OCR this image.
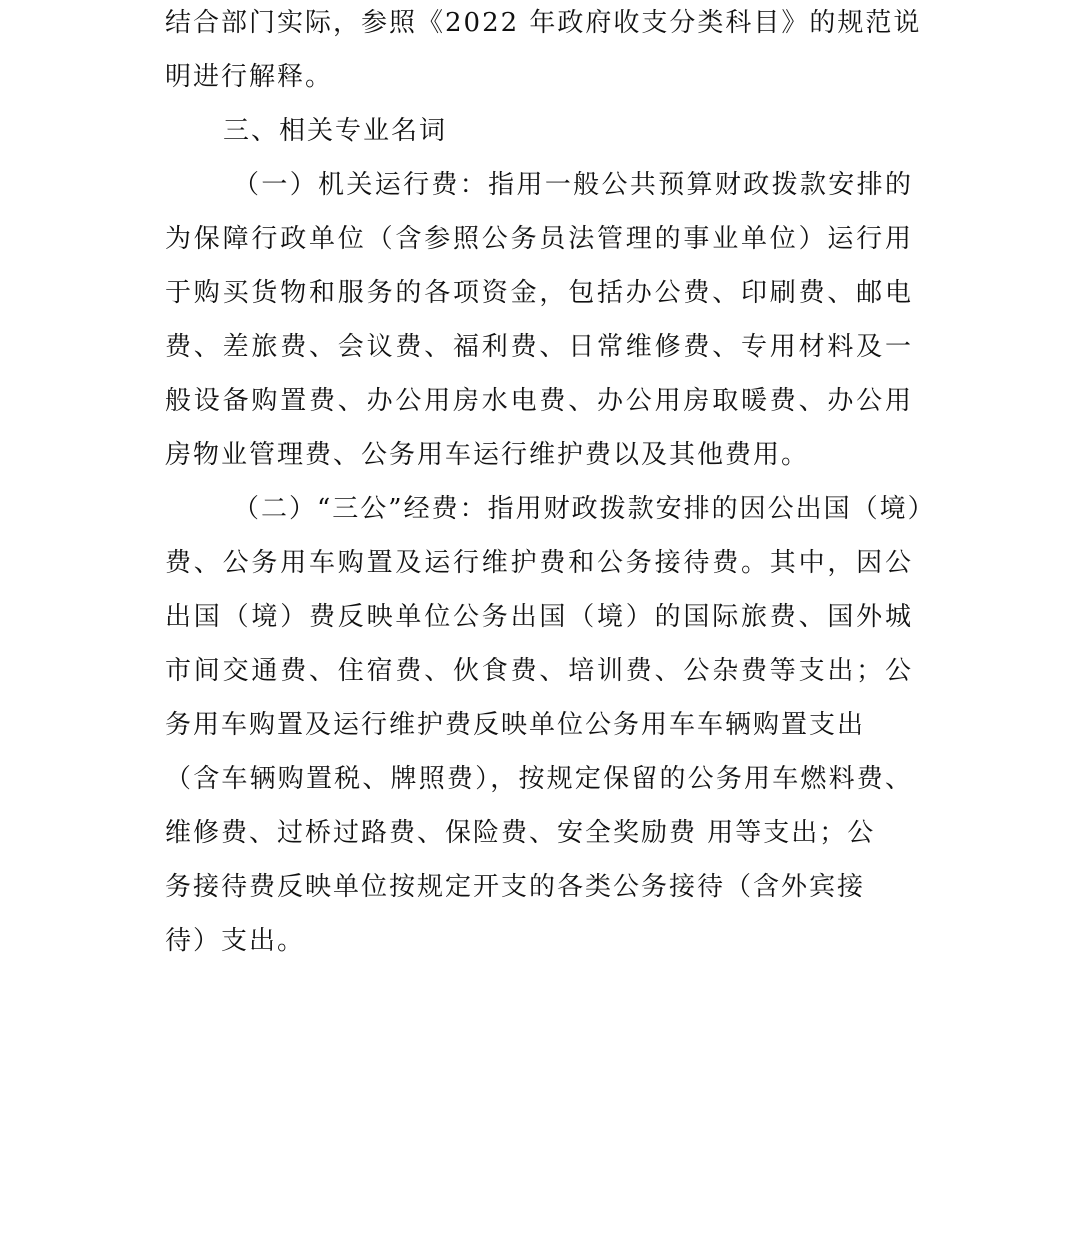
结合部门实际，参照《2022 年政府收支分类科目》的规范说
明进行解释。
三、相关专业名词
（一）机关运行费：指用一般公共预算财政拨款安排的
为保障行政单位（含参照公务员法管理的事业单位）运行用
于购买货物和服务的各项资金，包括办公费、印刷费、邮电
费、差旅费、会议费、福利费、日常维修费、专用材料及一
般设备购置费、办公用房水电费、办公用房取暖费、办公用
房物业管理费、公务用车运行维护费以及其他费用。
（二）“三公”经费：指用财政拨款安排的因公出国（境）
费、公务用车购置及运行维护费和公务接待费。其中，因公
出国（境）费反映单位公务出国（境）的国际旅费、国外城
市间交通费、住宿费、伙食费、培训费、公杂费等支出；公
务用车购置及运行维护费反映单位公务用车车辆购置支出
（含车辆购置税、牌照费），按规定保留的公务用车燃料费、
维修费、过桥过路费、保险费、安全奖励费 用等支出；公
务接待费反映单位按规定开支的各类公务接待（含外宾接
待）支出。
